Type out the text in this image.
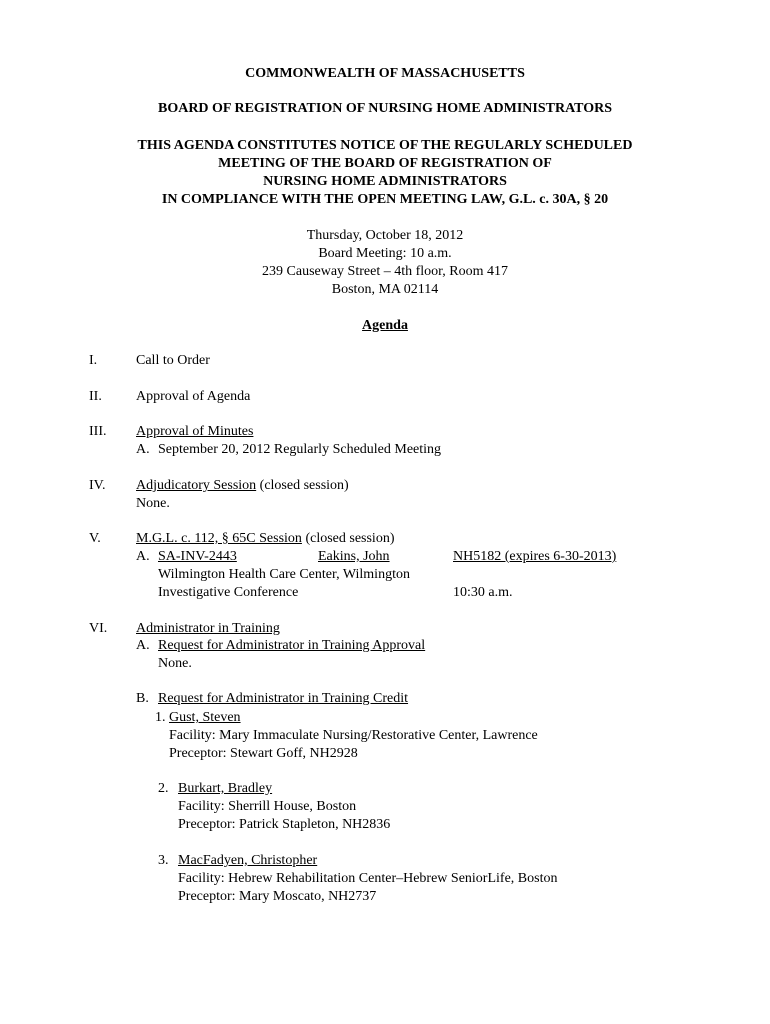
COMMONWEALTH OF MASSACHUSETTS
BOARD OF REGISTRATION OF NURSING HOME ADMINISTRATORS
THIS AGENDA CONSTITUTES NOTICE OF THE REGULARLY SCHEDULED
MEETING OF THE BOARD OF REGISTRATION OF
NURSING HOME ADMINISTRATORS
IN COMPLIANCE WITH THE OPEN MEETING LAW, G.L. c. 30A, § 20
Thursday, October 18, 2012
Board Meeting: 10 a.m.
239 Causeway Street – 4th floor, Room 417
Boston, MA 02114
Agenda
I.	Call to Order
II. Approval of Agenda
III. Approval of Minutes
A. September 20, 2012 Regularly Scheduled Meeting
IV. Adjudicatory Session (closed session)
None.
V.	M.G.L. c. 112, § 65C Session (closed session)
A. SA-INV-2443	Eakins, John	NH5182 (expires 6-30-2013)
Wilmington Health Care Center, Wilmington
Investigative Conference	10:30 a.m.
VI. Administrator in Training
A. Request for Administrator in Training Approval
None.
B. Request for Administrator in Training Credit
1. Gust, Steven
Facility: Mary Immaculate Nursing/Restorative Center, Lawrence
Preceptor: Stewart Goff, NH2928
2. Burkart, Bradley
Facility: Sherrill House, Boston
Preceptor: Patrick Stapleton, NH2836
3. MacFadyen, Christopher
Facility: Hebrew Rehabilitation Center–Hebrew SeniorLife, Boston
Preceptor: Mary Moscato, NH2737
